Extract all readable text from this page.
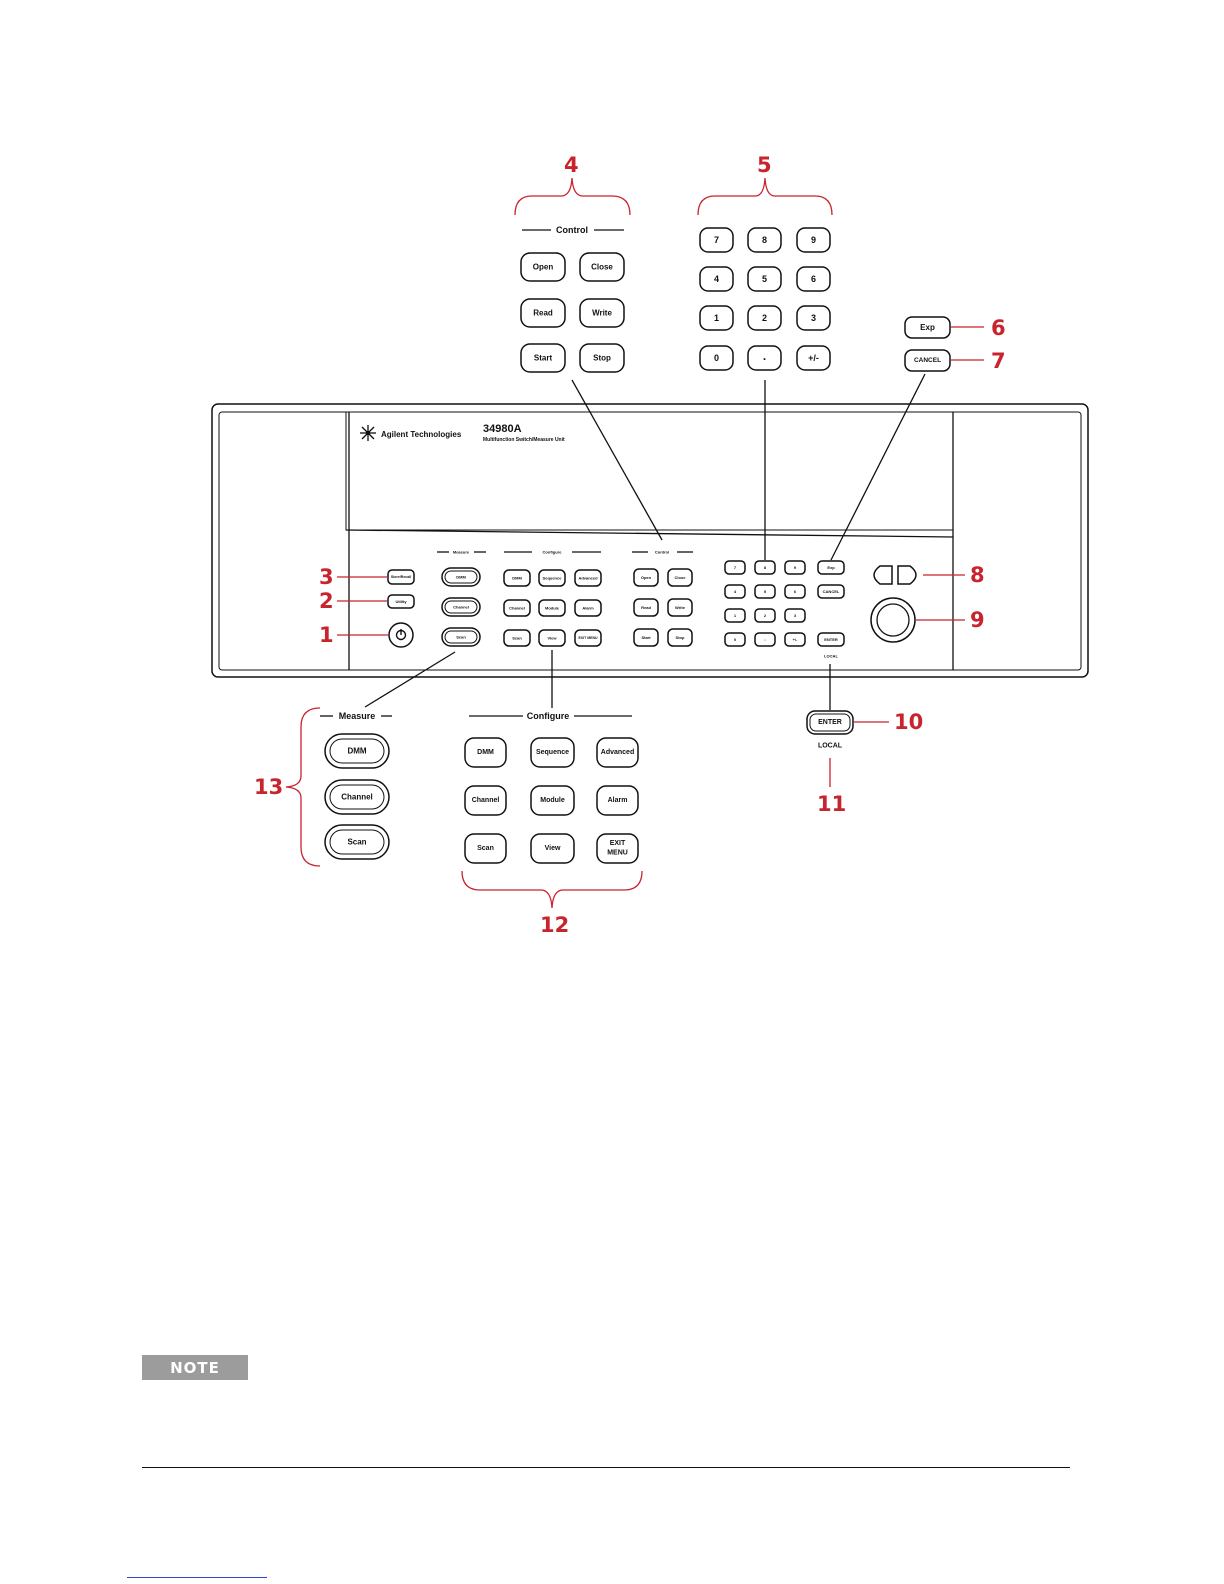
Agilent Technologies 34980A
Multifunction Switch/Measure Unit
Store/Recall
Utility
Measure
DMM
Channel
Scan
Configure
DMM	Sequence	Advanced
Channel	Module	Alarm
Scan	View	EXIT MENU
Control
Open	Close
Read	Write
Start	Stop
7	8	9
4	5	6
1	2	3
0	.	+/-
Exp
CANCEL
ENTER
LOCAL
Control
Open	Close
Read	Write
Start	Stop
7	8	9
4	5	6
1	2	3
0	.	+/-
Exp
CANCEL
ENTER
LOCAL
Measure
DMM
Channel
Scan
Configure
DMM	Sequence	Advanced
Channel	Module	Alarm
Scan	View
EXIT
MENU
1
2
3
4	5
6
7
8
9
10
11
12
13
NOTE
